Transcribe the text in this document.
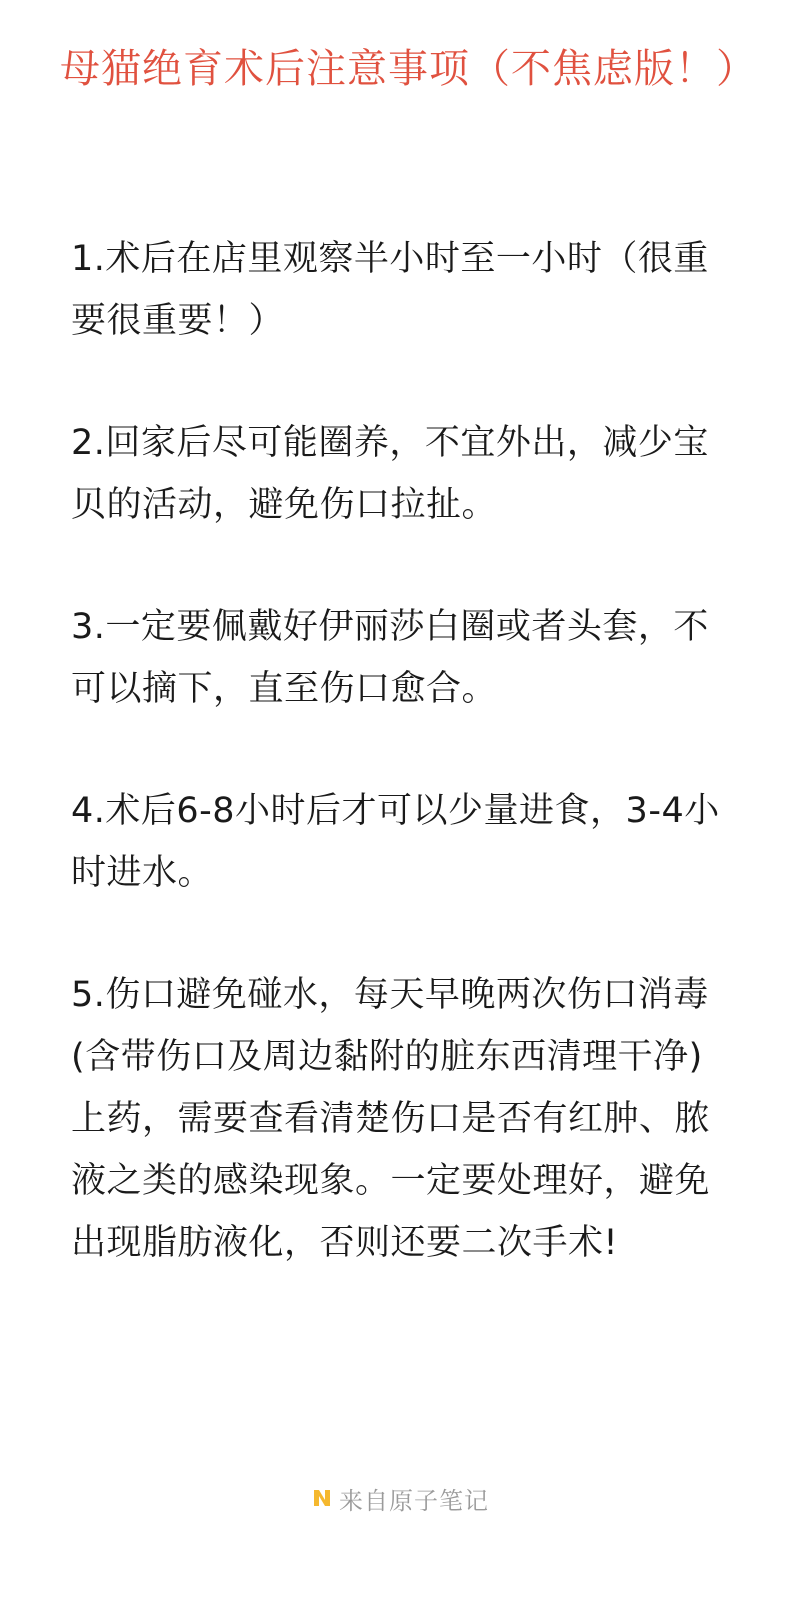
母猫绝育术后注意事项（不焦虑版！）

1.术后在店里观察半小时至一小时（很重要很重要！）

2.回家后尽可能圈养，不宜外出，减少宝贝的活动，避免伤口拉扯。

3.一定要佩戴好伊丽莎白圈或者头套，不可以摘下，直至伤口愈合。

4.术后6-8小时后才可以少量进食，3-4小时进水。

5.伤口避免碰水，每天早晚两次伤口消毒(含带伤口及周边黏附的脏东西清理干净)上药，需要查看清楚伤口是否有红肿、脓液之类的感染现象。一定要处理好，避免出现脂肪液化，否则还要二次手术!

来自原子笔记
